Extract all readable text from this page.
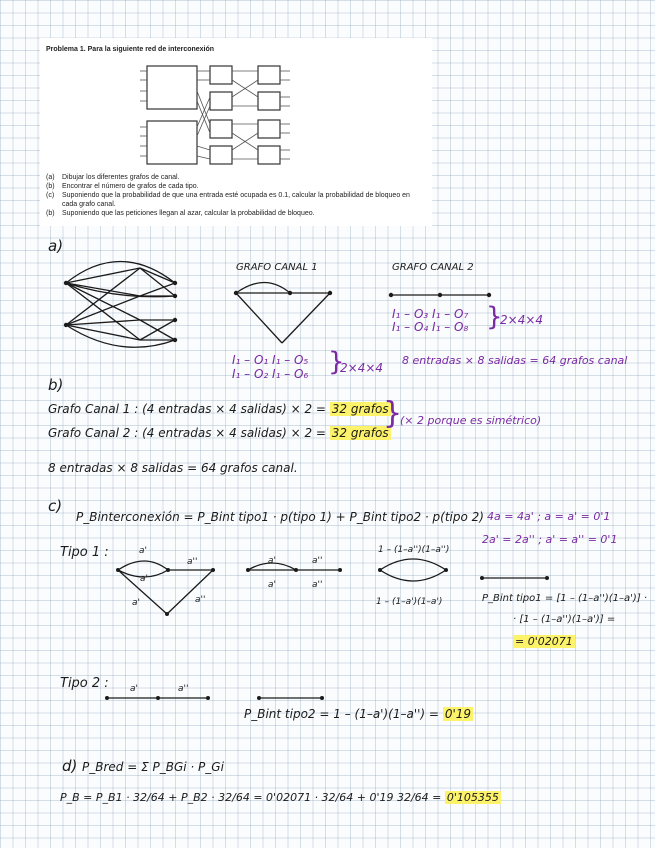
Problema 1. Para la siguiente red de interconexión
(a) Dibujar los diferentes grafos de canal.
(b) Encontrar el número de grafos de cada tipo.
(c) Suponiendo que la probabilidad de que una entrada esté ocupada es 0.1, calcular la probabilidad de bloqueo en
cada grafo canal.
(b) Suponiendo que las peticiones llegan al azar, calcular la probabilidad de bloqueo.
a)
GRAFO CANAL 1	GRAFO CANAL 2
I₁ – O₃ I₁ – O₇
I₁ – O₄ I₁ – O₈ }
2×4×4
I₁ – O₁ I₁ – O₅
I₁ – O₂ I₁ – O₆ }
2×4×4
8 entradas × 8 salidas = 64 grafos canal
b)
Grafo Canal 1 : (4 entradas × 4 salidas) × 2 = 32 grafos
Grafo Canal 2 : (4 entradas × 4 salidas) × 2 = 32 grafos
}
(× 2 porque es simétrico)
8 entradas × 8 salidas = 64 grafos canal.
c)
P_Binterconexión = P_Bint tipo1 · p(tipo 1) + P_Bint tipo2 · p(tipo 2) 4a = 4a' ; a = a' = 0'1
2a' = 2a'' ; a' = a'' = 0'1
Tipo 1 :	a'
a''
a'
a'	a''
a'	a''
a'	a''
1 – (1–a'')(1–a'')
1 – (1–a')(1–a')	P_Bint tipo1 = [1 – (1–a'')(1–a')] ·
· [1 – (1–a'')(1–a')] =
= 0'02071
Tipo 2 : a'	a''
P_Bint tipo2 = 1 – (1–a')(1–a'') = 0'19
d) P_Bred = Σ P_BGi · P_Gi
P_B = P_B1 · 32/64 + P_B2 · 32/64 = 0'02071 · 32/64 + 0'19 32/64 = 0'105355
